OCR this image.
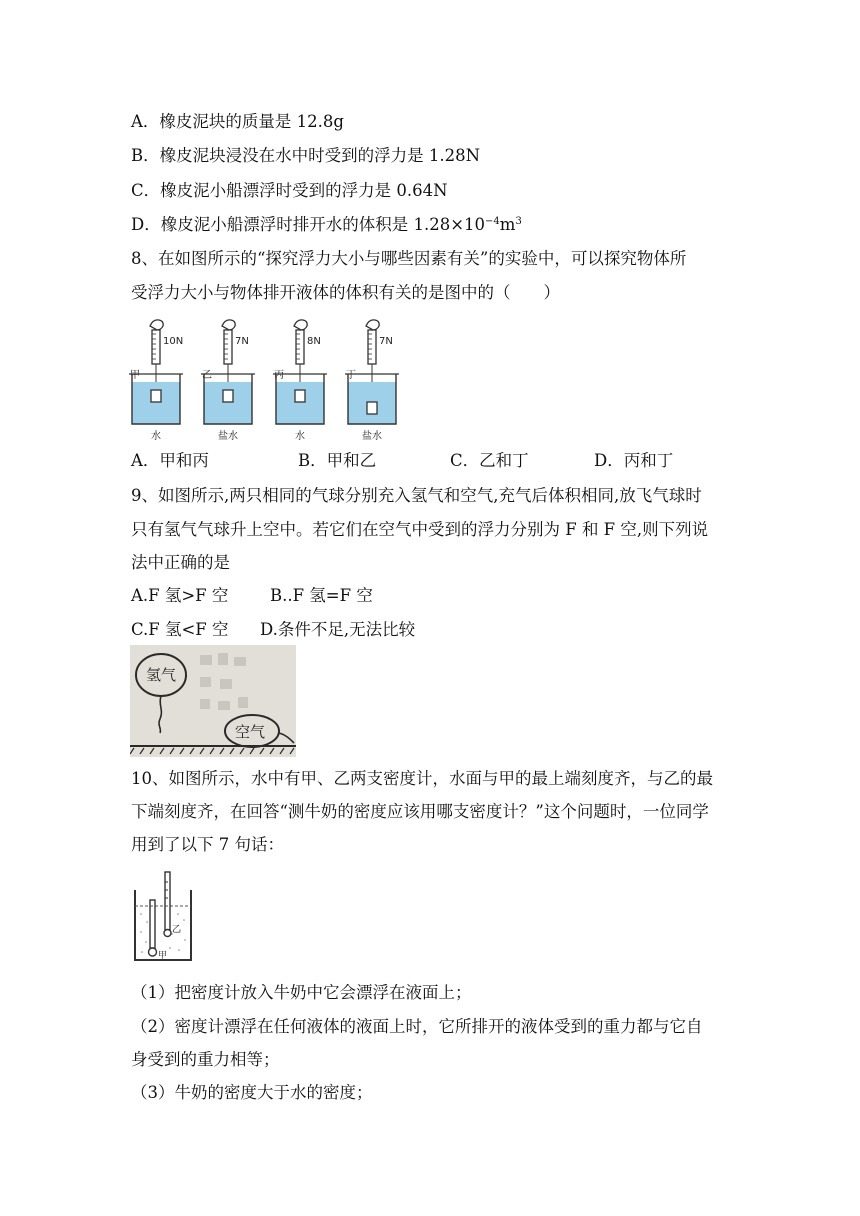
A．橡皮泥块的质量是 12.8g
B．橡皮泥块浸没在水中时受到的浮力是 1.28N
C．橡皮泥小船漂浮时受到的浮力是 0.64N
D．橡皮泥小船漂浮时排开水的体积是 $1.28\times 10^{-4}m^3$
8、在如图所示的“探究浮力大小与哪些因素有关”的实验中，可以探究物体所
受浮力大小与物体排开液体的体积有关的是图中的（　　）
10N
甲
水
7N
乙
盐水
8N
丙
水
7N
丁
盐水
A．甲和丙	B．甲和乙	C．乙和丁	D．丙和丁
9、如图所示,两只相同的气球分别充入氢气和空气,充气后体积相同,放飞气球时
只有氢气气球升上空中。若它们在空气中受到的浮力分别为 F 和 F 空,则下列说
法中正确的是
A.F 氢>F 空	B..F 氢=F 空
C.F 氢<F 空 D.条件不足,无法比较
氢气
空气
10、如图所示，水中有甲、乙两支密度计，水面与甲的最上端刻度齐，与乙的最
下端刻度齐，在回答“测牛奶的密度应该用哪支密度计？”这个问题时，一位同学
用到了以下 7 句话：
甲
乙
（1）把密度计放入牛奶中它会漂浮在液面上；
（2）密度计漂浮在任何液体的液面上时，它所排开的液体受到的重力都与它自
身受到的重力相等；
（3）牛奶的密度大于水的密度；
